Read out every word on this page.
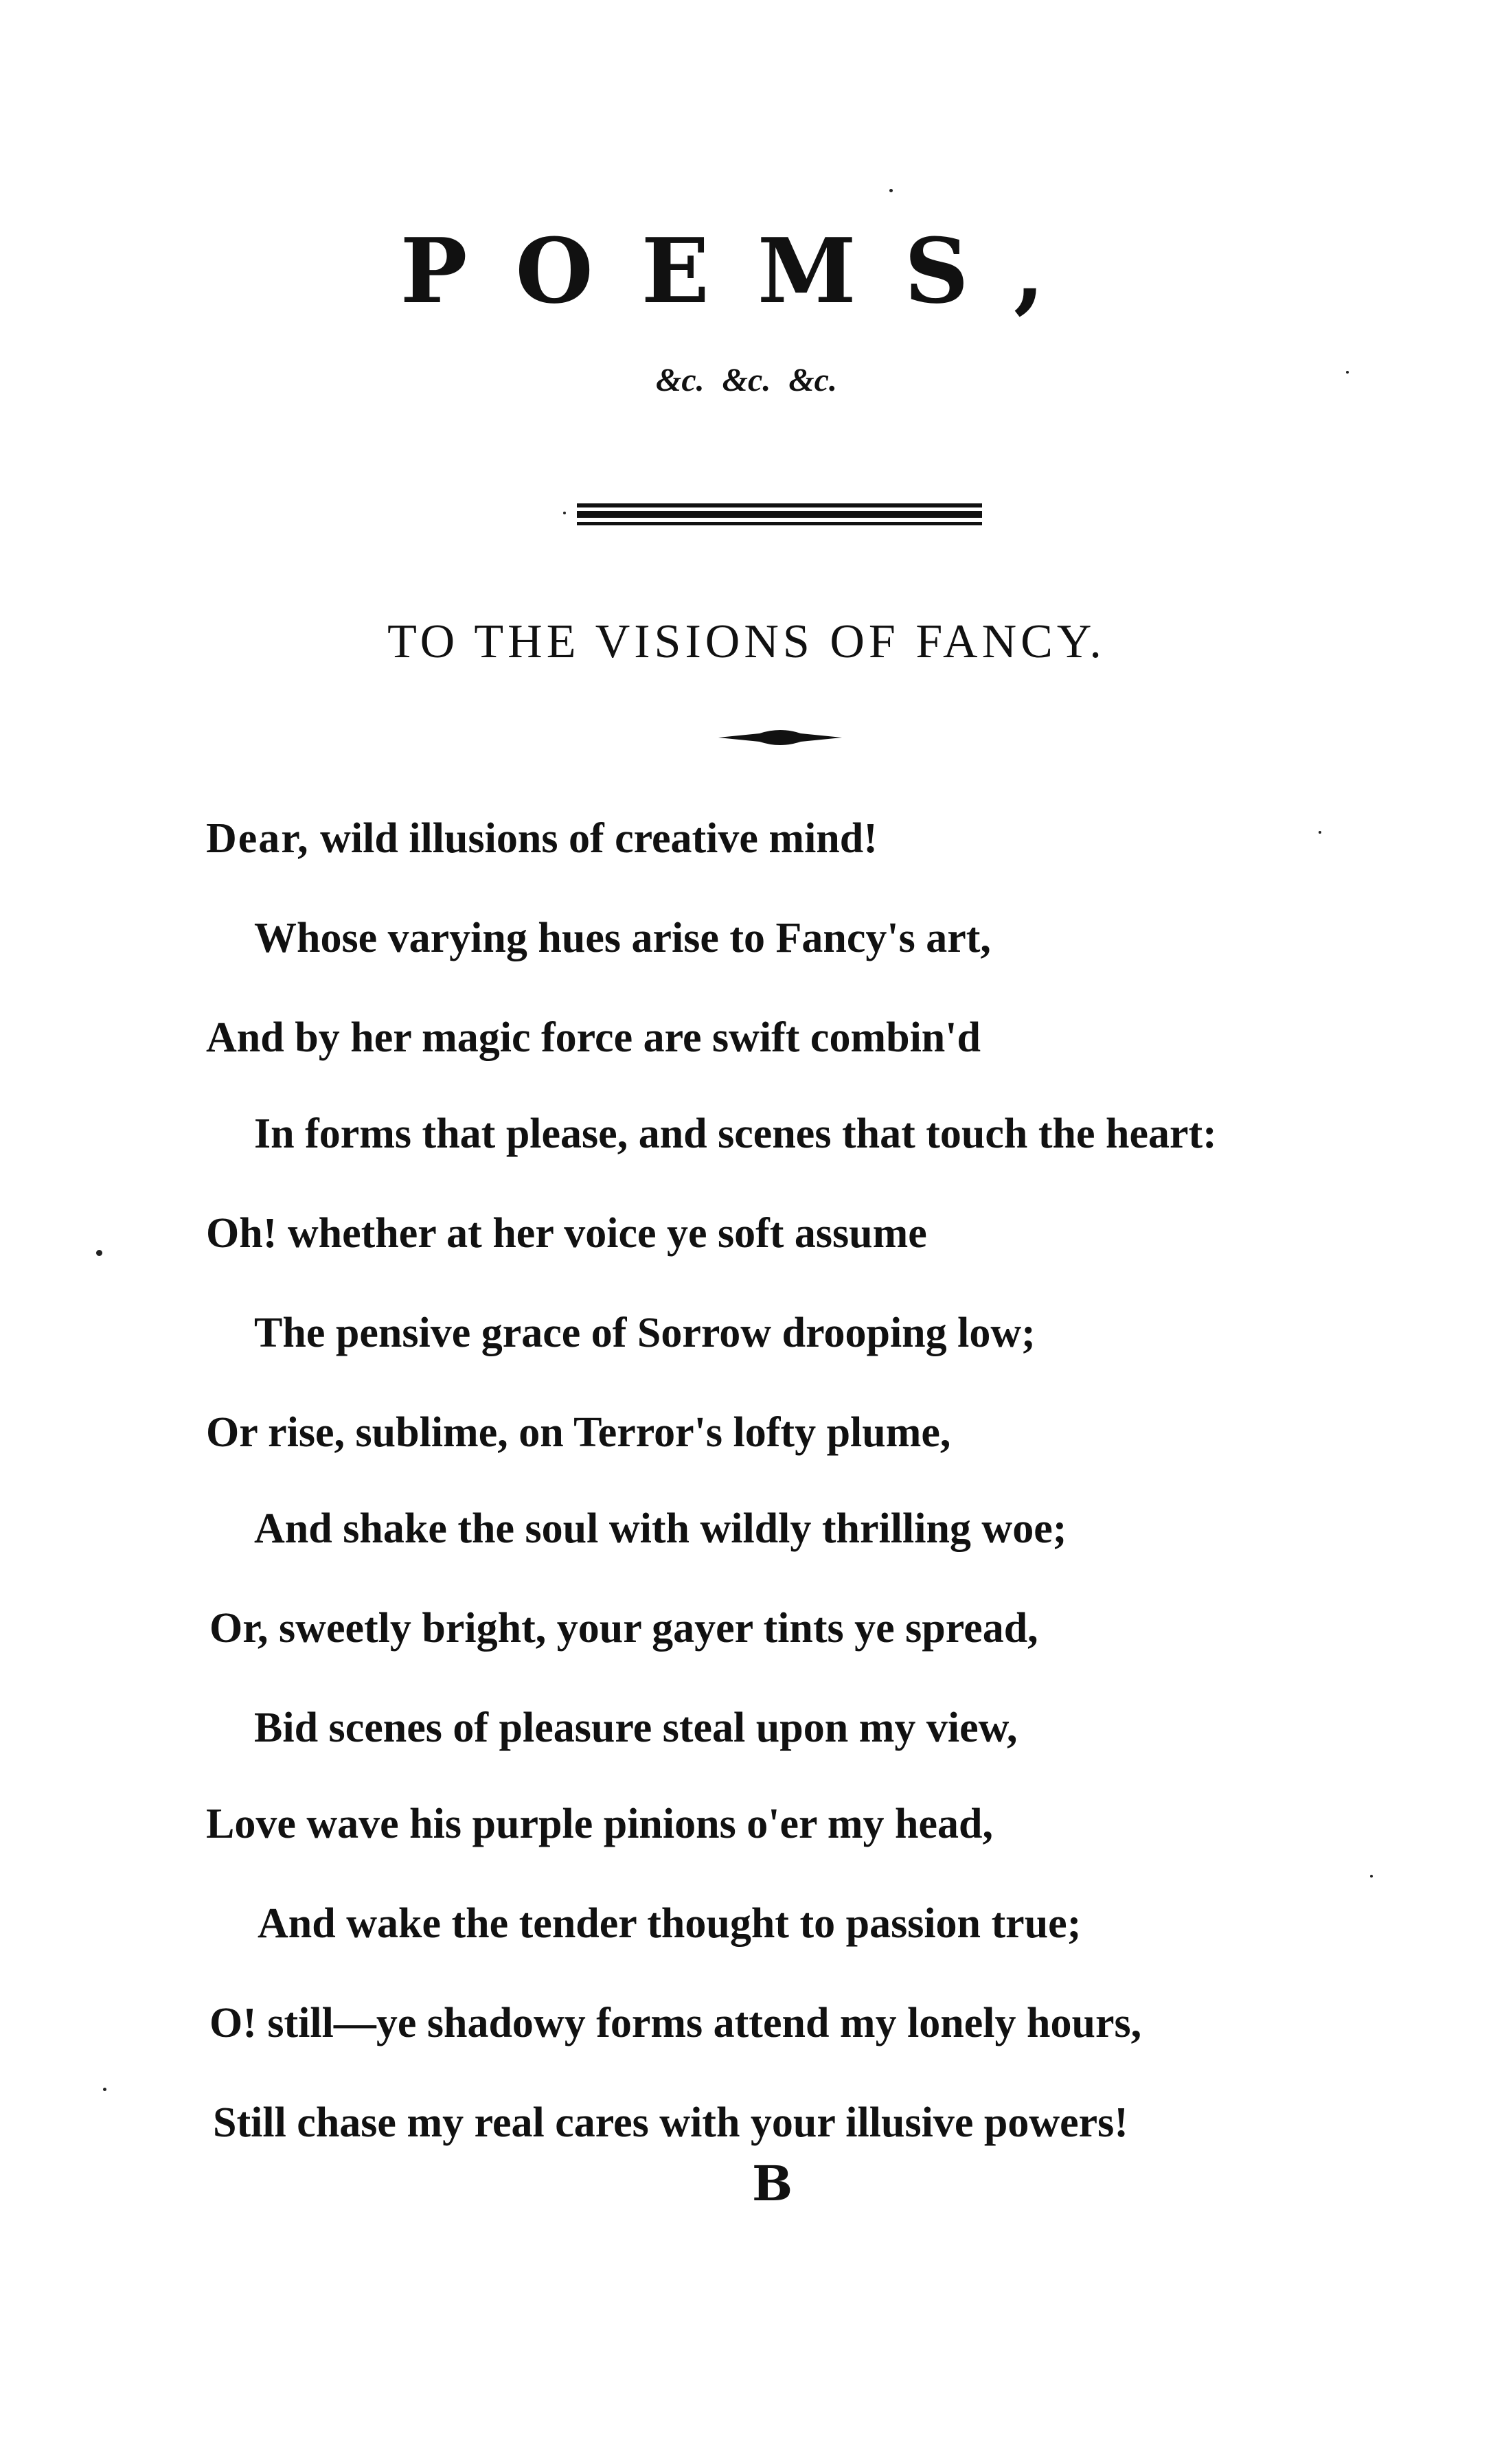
POEMS,
&c. &c. &c.
TO THE VISIONS OF FANCY.
Dear, wild illusions of creative mind!
Whose varying hues arise to Fancy's art,
And by her magic force are swift combin'd
In forms that please, and scenes that touch the heart:
Oh! whether at her voice ye soft assume
The pensive grace of Sorrow drooping low;
Or rise, sublime, on Terror's lofty plume,
And shake the soul with wildly thrilling woe;
Or, sweetly bright, your gayer tints ye spread,
Bid scenes of pleasure steal upon my view,
Love wave his purple pinions o'er my head,
And wake the tender thought to passion true;
O! still—ye shadowy forms attend my lonely hours,
Still chase my real cares with your illusive powers!
B
